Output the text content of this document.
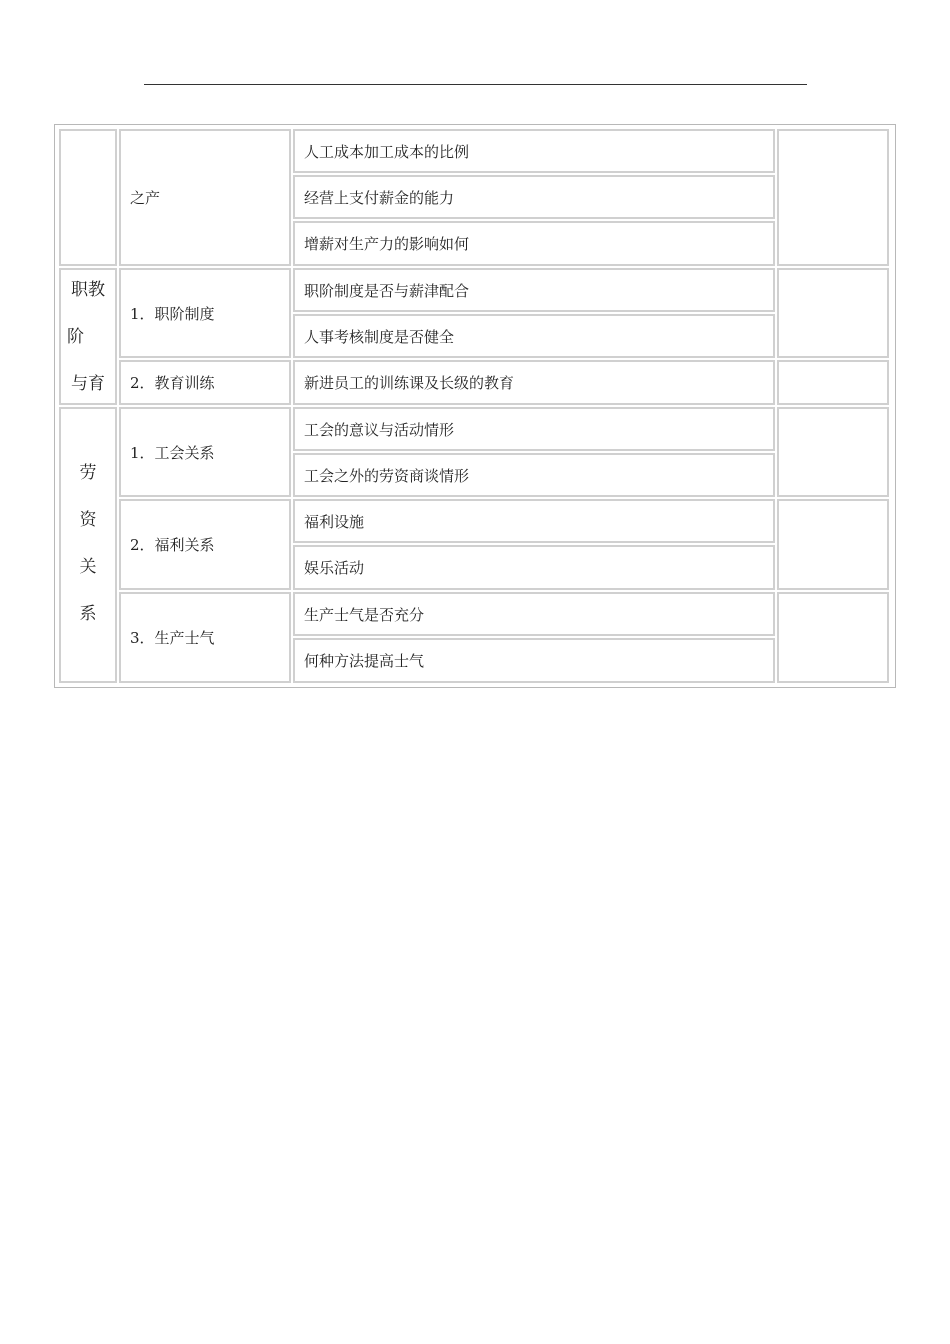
之产
人工成本加工成本的比例
经营上支付薪金的能力
增薪对生产力的影响如何
职教
阶
与育
1．职阶制度
职阶制度是否与薪津配合
人事考核制度是否健全
2．教育训练	新进员工的训练课及长级的教育
劳
资
关
系
1．工会关系
工会的意议与活动情形
工会之外的劳资商谈情形
2．福利关系
福利设施
娱乐活动
3．生产士气
生产士气是否充分
何种方法提高士气
